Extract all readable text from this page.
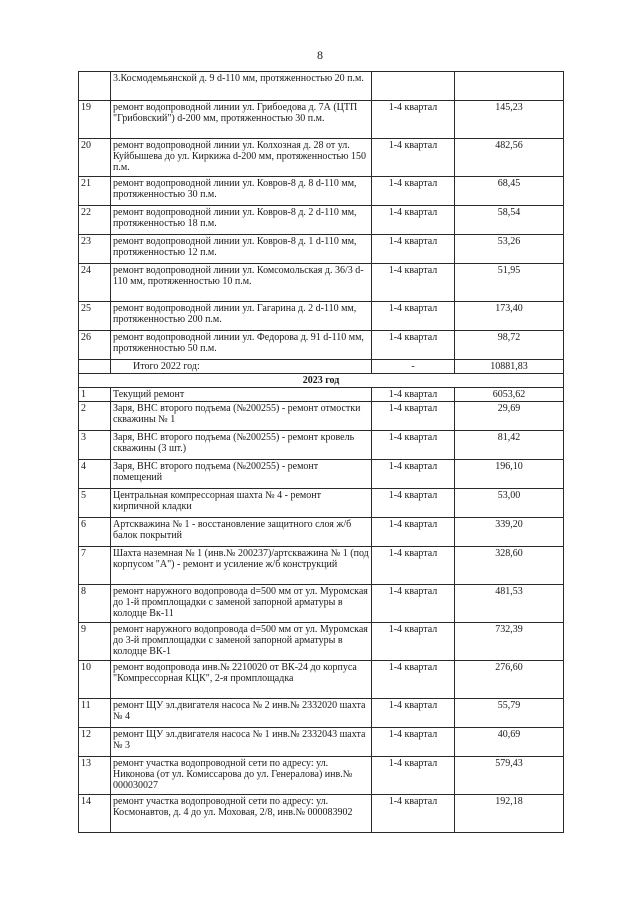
8
	3.Космодемьянской д. 9 d-110 мм, протяженностью 20 п.м.		
19	ремонт водопроводной линии ул. Грибоедова д. 7А (ЦТП "Грибовский") d-200 мм, протяженностью 30 п.м.	1-4 квартал	145,23
20	ремонт водопроводной линии ул. Колхозная д. 28 от ул. Куйбышева до ул. Киркижа d-200 мм, протяженностью 150 п.м.	1-4 квартал	482,56
21	ремонт водопроводной линии ул. Ковров-8 д. 8 d-110 мм, протяженностью 30 п.м.	1-4 квартал	68,45
22	ремонт водопроводной линии ул. Ковров-8 д. 2 d-110 мм, протяженностью 18 п.м.	1-4 квартал	58,54
23	ремонт водопроводной линии ул. Ковров-8 д. 1 d-110 мм, протяженностью 12 п.м.	1-4 квартал	53,26
24	ремонт водопроводной линии ул. Комсомольская д. 36/3 d-110 мм, протяженностью 10 п.м.	1-4 квартал	51,95
25	ремонт водопроводной линии ул. Гагарина д. 2 d-110 мм, протяженностью 200 п.м.	1-4 квартал	173,40
26	ремонт водопроводной линии ул. Федорова д. 91 d-110 мм, протяженностью 50 п.м.	1-4 квартал	98,72
	Итого 2022 год:	-	10881,83
2023 год			
1	Текущий ремонт	1-4 квартал	6053,62
2	Заря, ВНС второго подъема (№200255) - ремонт отмостки скважины № 1	1-4 квартал	29,69
3	Заря, ВНС второго подъема (№200255) - ремонт кровель скважины (3 шт.)	1-4 квартал	81,42
4	Заря, ВНС второго подъема (№200255) - ремонт помещений	1-4 квартал	196,10
5	Центральная компрессорная шахта № 4 - ремонт кирпичной кладки	1-4 квартал	53,00
6	Артскважина № 1 - восстановление защитного слоя ж/б балок покрытий	1-4 квартал	339,20
7	Шахта наземная № 1 (инв.№ 200237)/артскважина № 1 (под корпусом "А") - ремонт и усиление ж/б конструкций	1-4 квартал	328,60
8	ремонт наружного водопровода d=500 мм от ул. Муромская до 1-й промплощадки с заменой запорной арматуры в колодце Вк-11	1-4 квартал	481,53
9	ремонт наружного водопровода d=500 мм от ул. Муромская до 3-й промплощадки с заменой запорной арматуры в колодце ВК-1	1-4 квартал	732,39
10	ремонт водопровода инв.№ 2210020 от ВК-24 до корпуса "Компрессорная КЦК", 2-я промплощадка	1-4 квартал	276,60
11	ремонт ЩУ эл.двигателя насоса № 2 инв.№ 2332020 шахта № 4	1-4 квартал	55,79
12	ремонт ЩУ эл.двигателя насоса № 1 инв.№ 2332043 шахта № 3	1-4 квартал	40,69
13	ремонт участка водопроводной сети по адресу: ул. Никонова (от ул. Комиссарова до ул. Генералова) инв.№ 000030027	1-4 квартал	579,43
14	ремонт участка водопроводной сети по адресу: ул. Космонавтов, д. 4 до ул. Моховая, 2/8, инв.№ 000083902	1-4 квартал	192,18
